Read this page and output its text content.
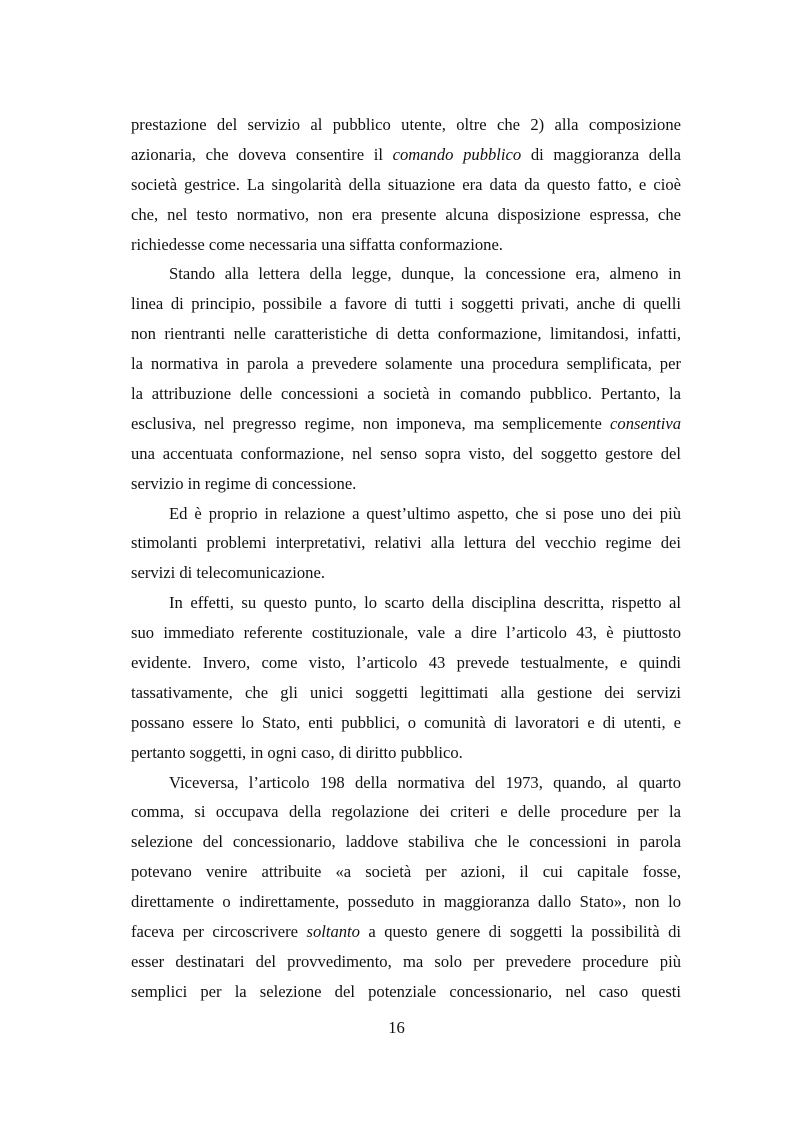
prestazione del servizio al pubblico utente, oltre che 2) alla composizione
azionaria, che doveva consentire il comando pubblico di maggioranza della
società gestrice. La singolarità della situazione era data da questo fatto, e cioè
che, nel testo normativo, non era presente alcuna disposizione espressa, che
richiedesse come necessaria una siffatta conformazione.
Stando alla lettera della legge, dunque, la concessione era, almeno in
linea di principio, possibile a favore di tutti i soggetti privati, anche di quelli
non rientranti nelle caratteristiche di detta conformazione, limitandosi, infatti,
la normativa in parola a prevedere solamente una procedura semplificata, per
la attribuzione delle concessioni a società in comando pubblico. Pertanto, la
esclusiva, nel pregresso regime, non imponeva, ma semplicemente consentiva
una accentuata conformazione, nel senso sopra visto, del soggetto gestore del
servizio in regime di concessione.
Ed è proprio in relazione a quest’ultimo aspetto, che si pose uno dei più
stimolanti problemi interpretativi, relativi alla lettura del vecchio regime dei
servizi di telecomunicazione.
In effetti, su questo punto, lo scarto della disciplina descritta, rispetto al
suo immediato referente costituzionale, vale a dire l’articolo 43, è piuttosto
evidente. Invero, come visto, l’articolo 43 prevede testualmente, e quindi
tassativamente, che gli unici soggetti legittimati alla gestione dei servizi
possano essere lo Stato, enti pubblici, o comunità di lavoratori e di utenti, e
pertanto soggetti, in ogni caso, di diritto pubblico.
Viceversa, l’articolo 198 della normativa del 1973, quando, al quarto
comma, si occupava della regolazione dei criteri e delle procedure per la
selezione del concessionario, laddove stabiliva che le concessioni in parola
potevano venire attribuite «a società per azioni, il cui capitale fosse,
direttamente o indirettamente, posseduto in maggioranza dallo Stato», non lo
faceva per circoscrivere soltanto a questo genere di soggetti la possibilità di
esser destinatari del provvedimento, ma solo per prevedere procedure più
semplici per la selezione del potenziale concessionario, nel caso questi
16
